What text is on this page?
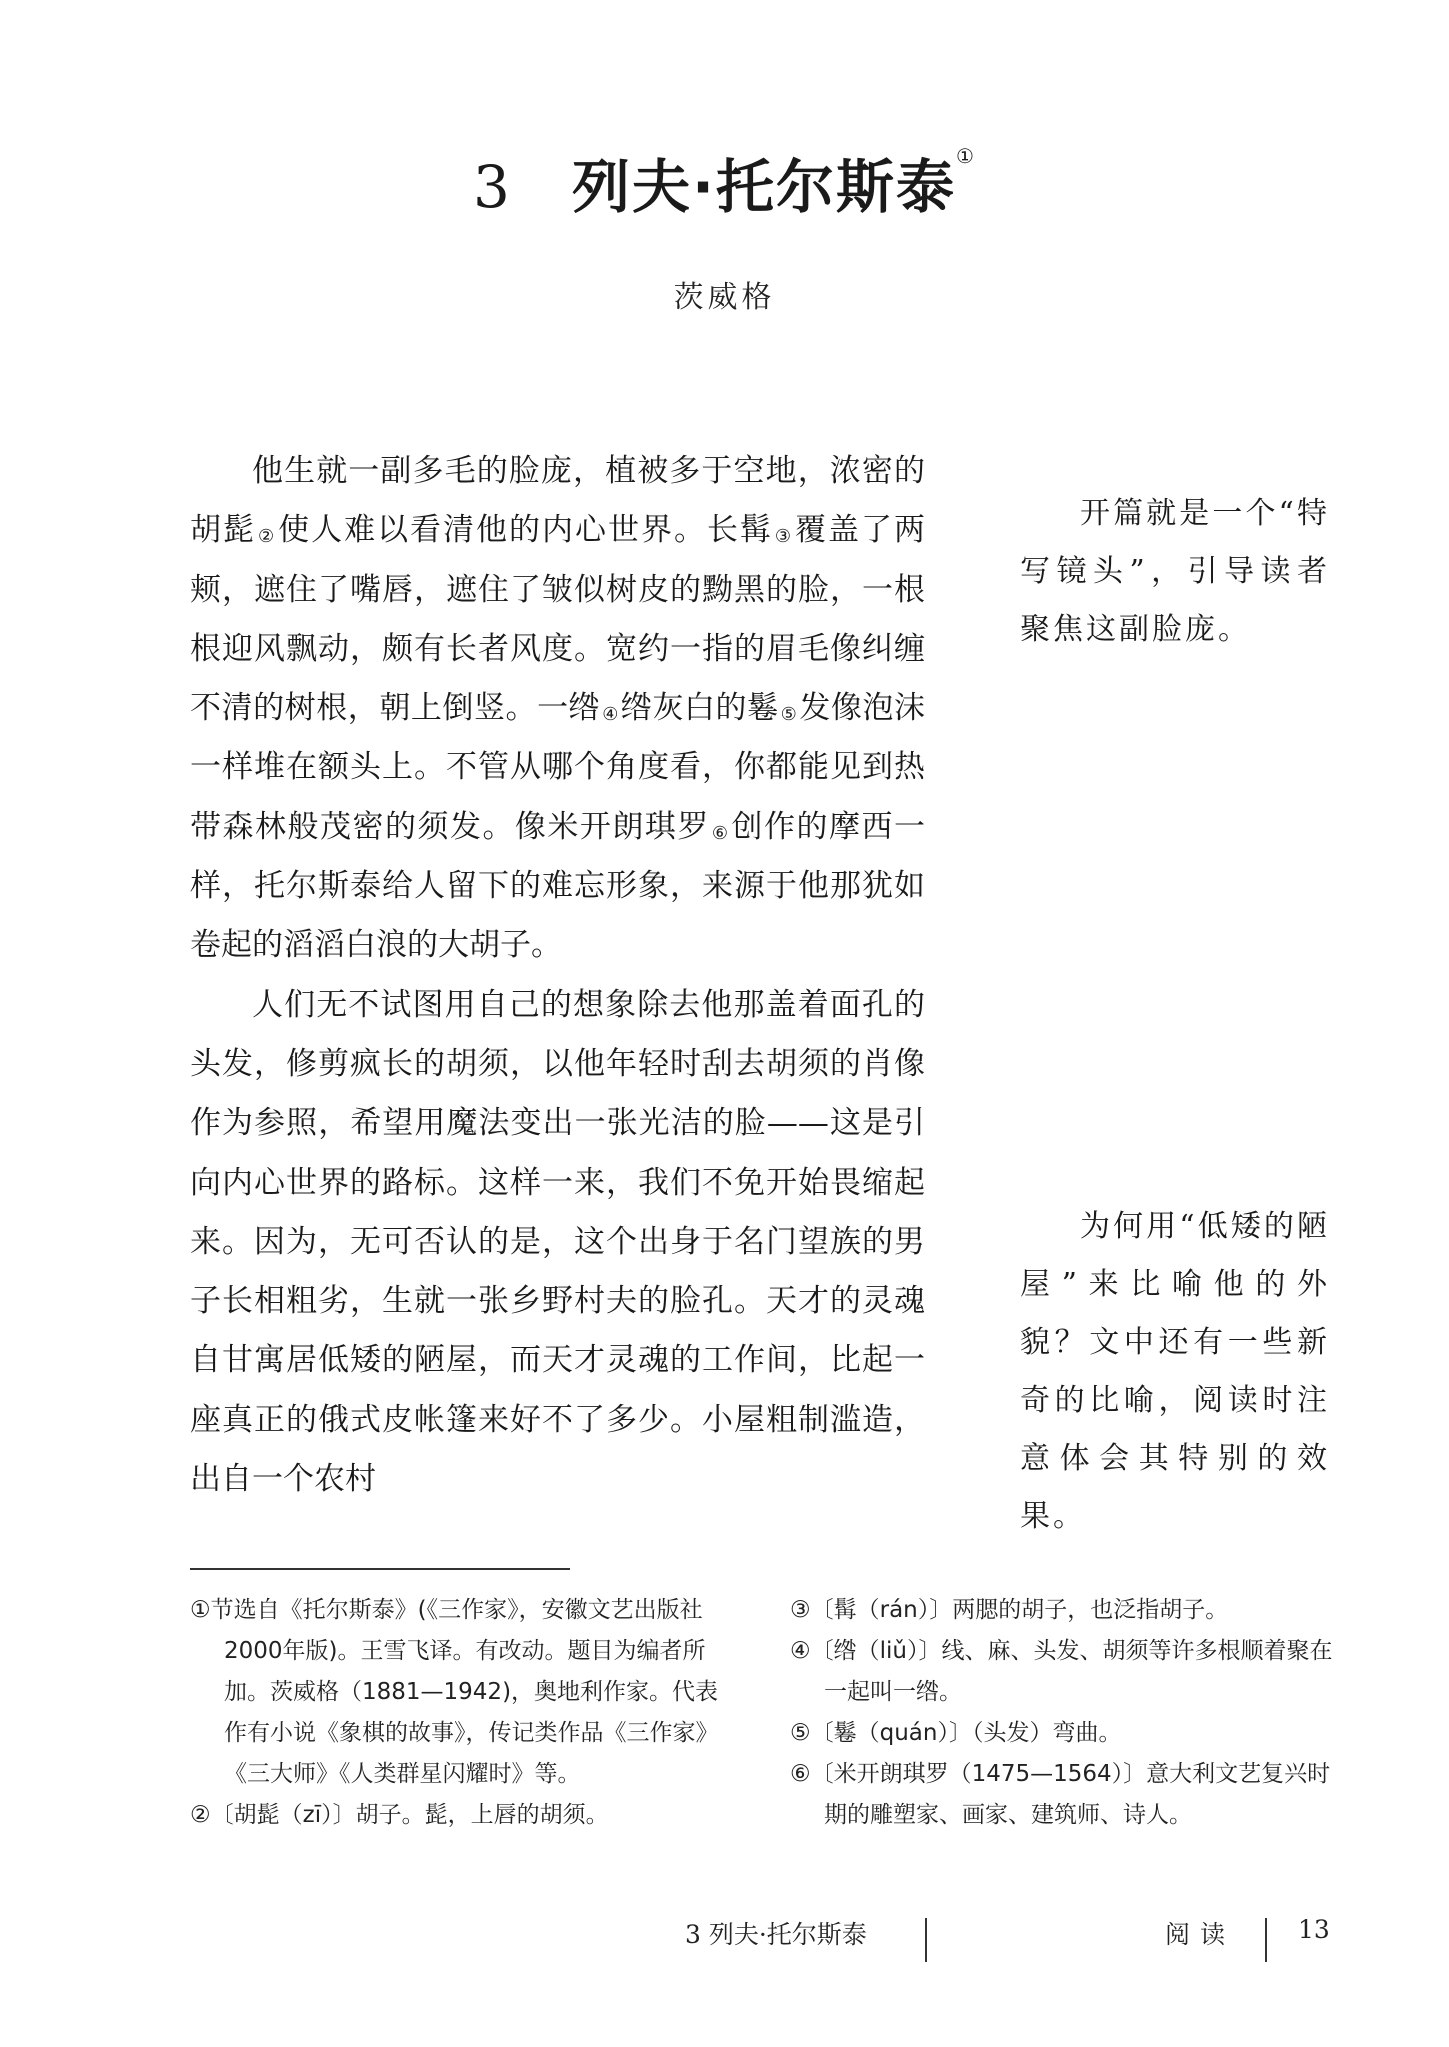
3 列夫·托尔斯泰①
茨威格

他生就一副多毛的脸庞，植被多于空地，浓密的胡髭 ②使人难以看清他的内心世界。长髯 ③覆盖了两颊，遮住了嘴唇，遮住了皱似树皮的黝黑的脸，一根根迎风飘动，颇有长者风度。宽约一指的眉毛像纠缠不清的树根，朝上倒竖。一绺 ④绺灰白的鬈 ⑤发像泡沫一样堆在额头上。不管从哪个角度看，你都能见到热带森林般茂密的须发。像米开朗琪罗 ⑥创作的摩西一样，托尔斯泰给人留下的难忘形象，来源于他那犹如卷起的滔滔白浪的大胡子。

人们无不试图用自己的想象除去他那盖着面孔的头发，修剪疯长的胡须，以他年轻时刮去胡须的肖像作为参照，希望用魔法变出一张光洁的脸——这是引向内心世界的路标。这样一来，我们不免开始畏缩起来。因为，无可否认的是，这个出身于名门望族的男子长相粗劣，生就一张乡野村夫的脸孔。天才的灵魂自甘寓居低矮的陋屋，而天才灵魂的工作间，比起一座真正的俄式皮帐篷来好不了多少。小屋粗制滥造，出自一个农村

开篇就是一个“特写镜头”，引导读者聚焦这副脸庞。

为何用“低矮的陋屋”来比喻他的外貌？文中还有一些新奇的比喻，阅读时注意体会其特别的效果。

①节选自《托尔斯泰》(《三作家》，安徽文艺出版社2000年版)。王雪飞译。有改动。题目为编者所加。茨威格（1881—1942)，奥地利作家。代表作有小说《象棋的故事》，传记类作品《三作家》《三大师》《人类群星闪耀时》等。
②〔胡髭（zī）〕胡子。髭，上唇的胡须。
③〔髯（rán）〕两腮的胡子，也泛指胡子。
④〔绺（liǔ）〕线、麻、头发、胡须等许多根顺着聚在一起叫一绺。
⑤〔鬈（quán）〕（头发）弯曲。
⑥〔米开朗琪罗（1475—1564）〕意大利文艺复兴时期的雕塑家、画家、建筑师、诗人。
3 列夫·托尔斯泰	阅读	13
